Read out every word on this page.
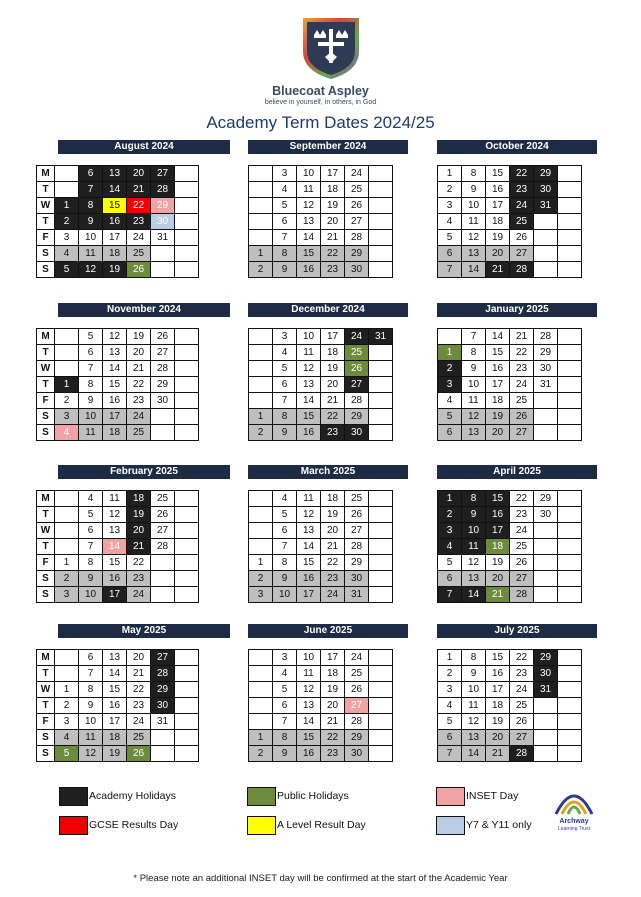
Bluecoat Aspley
believe in yourself, in others, in God
Academy Term Dates 2024/25
August 2024
M		6	13	20	27	
T		7	14	21	28	
W	1	8	15	22	29	
T	2	9	16	23	30	
F	3	10	17	24	31	
S	4	11	18	25		
S	5	12	19	26		
September 2024
	3	10	17	24	
	4	11	18	25	
	5	12	19	26	
	6	13	20	27	
	7	14	21	28	
1	8	15	22	29	
2	9	16	23	30	
October 2024
1	8	15	22	29	
2	9	16	23	30	
3	10	17	24	31	
4	11	18	25		
5	12	19	26		
6	13	20	27		
7	14	21	28		
November 2024
M		5	12	19	26	
T		6	13	20	27	
W		7	14	21	28	
T	1	8	15	22	29	
F	2	9	16	23	30	
S	3	10	17	24		
S	4	11	18	25		
December 2024
	3	10	17	24	31
	4	11	18	25	
	5	12	19	26	
	6	13	20	27	
	7	14	21	28	
1	8	15	22	29	
2	9	16	23	30	
January 2025
	7	14	21	28	
1	8	15	22	29	
2	9	16	23	30	
3	10	17	24	31	
4	11	18	25		
5	12	19	26		
6	13	20	27		
February 2025
M		4	11	18	25	
T		5	12	19	26	
W		6	13	20	27	
T		7	14	21	28	
F	1	8	15	22		
S	2	9	16	23		
S	3	10	17	24		
March 2025
	4	11	18	25	
	5	12	19	26	
	6	13	20	27	
	7	14	21	28	
1	8	15	22	29	
2	9	16	23	30	
3	10	17	24	31	
April 2025
1	8	15	22	29	
2	9	16	23	30	
3	10	17	24		
4	11	18	25		
5	12	19	26		
6	13	20	27		
7	14	21	28		
May 2025
M		6	13	20	27	
T		7	14	21	28	
W	1	8	15	22	29	
T	2	9	16	23	30	
F	3	10	17	24	31	
S	4	11	18	25		
S	5	12	19	26		
June 2025
	3	10	17	24	
	4	11	18	25	
	5	12	19	26	
	6	13	20	27	
	7	14	21	28	
1	8	15	22	29	
2	9	16	23	30	
July 2025
1	8	15	22	29	
2	9	16	23	30	
3	10	17	24	31	
4	11	18	25		
5	12	19	26		
6	13	20	27		
7	14	21	28		
Academy Holidays	Public Holidays	INSET Day
GCSE Results Day	A Level Result Day	Y7 & Y11 only	Archway
Learning Trust
* Please note an additional INSET day will be confirmed at the start of the Academic Year
